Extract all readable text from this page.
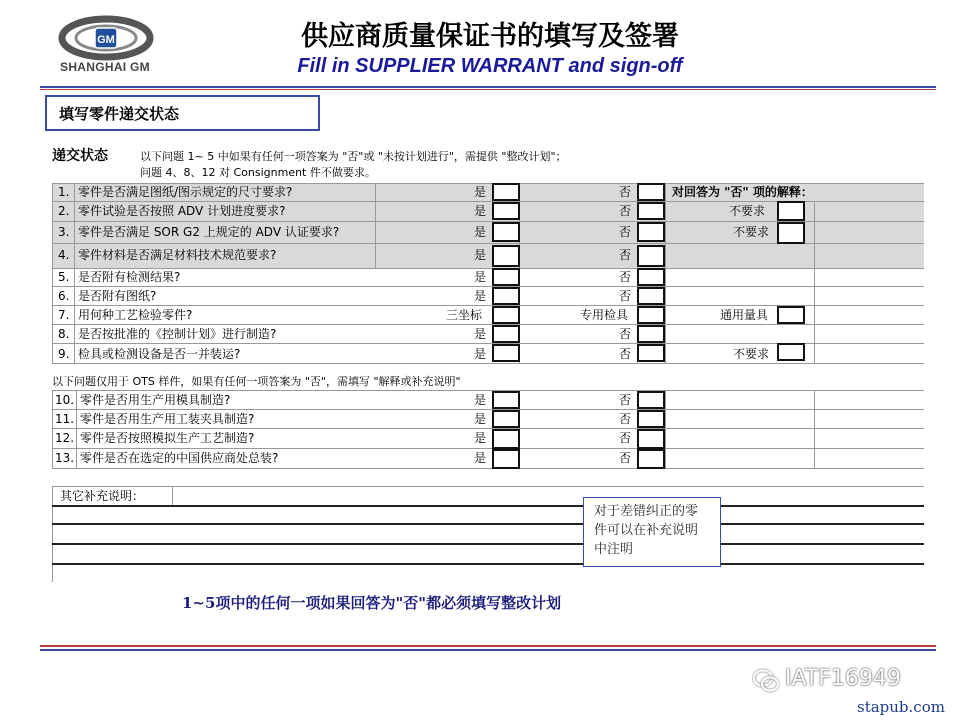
GM
SHANGHAI GM
供应商质量保证书的填写及签署
Fill in SUPPLIER WARRANT and sign-off
填写零件递交状态
递交状态	以下问题 1~ 5 中如果有任何一项答案为 "否"或 "未按计划进行"，需提供 "整改计划"；
问题 4、8、12 对 Consignment 件不做要求。
1. 零件是否满足图纸/图示规定的尺寸要求?
2. 零件试验是否按照 ADV 计划进度要求?
3. 零件是否满足 SOR G2 上规定的 ADV 认证要求?
4. 零件材料是否满足材料技术规范要求?
5. 是否附有检测结果?
6. 是否附有图纸?
7. 用何种工艺检验零件?
8. 是否按批准的《控制计划》进行制造?
9. 检具或检测设备是否一并装运?
是
是
是
是
是
是
三坐标
是
是
否
否
否
否
否
否
专用检具
否
否
对回答为 "否" 项的解释：
不要求
不要求
通用量具
不要求
以下问题仅用于 OTS 样件，如果有任何一项答案为 "否"，需填写 "解释或补充说明"
10. 零件是否用生产用模具制造?
11. 零件是否用生产用工装夹具制造?
12. 零件是否按照模拟生产工艺制造?
13. 零件是否在选定的中国供应商处总装?
是
是
是
是
否
否
否
否
其它补充说明：
对于差错纠正的零件可以在补充说明中注明
1~5项中的任何一项如果回答为"否"都必须填写整改计划
IATF16949
stapub.com
